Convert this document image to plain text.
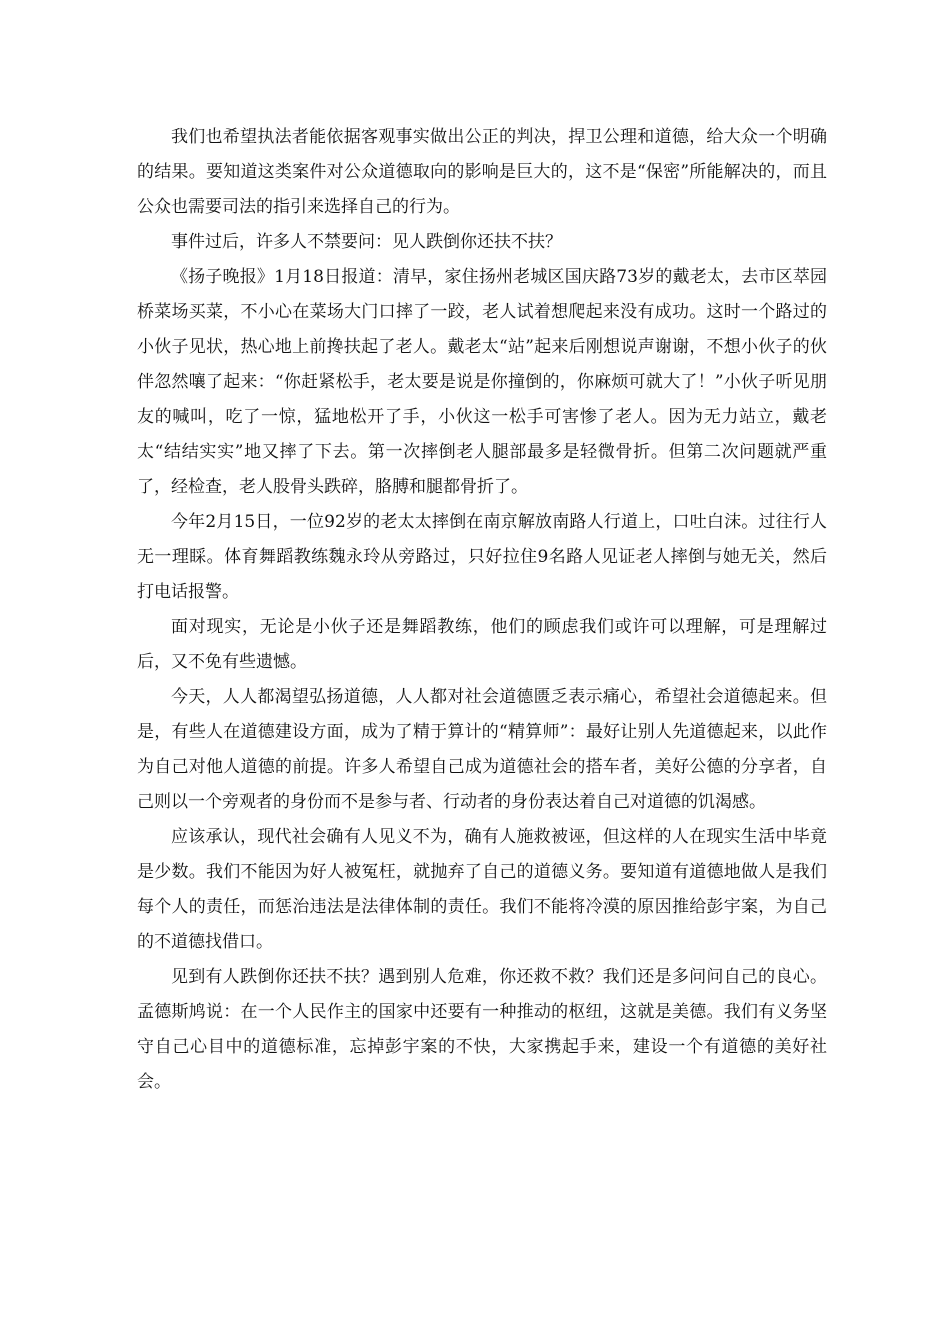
我们也希望执法者能依据客观事实做出公正的判决，捍卫公理和道德，给大众一个明确的结果。要知道这类案件对公众道德取向的影响是巨大的，这不是“保密”所能解决的，而且公众也需要司法的指引来选择自己的行为。

事件过后，许多人不禁要问：见人跌倒你还扶不扶？

《扬子晚报》1月18日报道：清早，家住扬州老城区国庆路73岁的戴老太，去市区萃园桥菜场买菜，不小心在菜场大门口摔了一跤，老人试着想爬起来没有成功。这时一个路过的小伙子见状，热心地上前搀扶起了老人。戴老太“站”起来后刚想说声谢谢，不想小伙子的伙伴忽然嚷了起来：“你赶紧松手，老太要是说是你撞倒的，你麻烦可就大了！”小伙子听见朋友的喊叫，吃了一惊，猛地松开了手，小伙这一松手可害惨了老人。因为无力站立，戴老太“结结实实”地又摔了下去。第一次摔倒老人腿部最多是轻微骨折。但第二次问题就严重了，经检查，老人股骨头跌碎，胳膊和腿都骨折了。

今年2月15日，一位92岁的老太太摔倒在南京解放南路人行道上，口吐白沫。过往行人无一理睬。体育舞蹈教练魏永玲从旁路过，只好拉住9名路人见证老人摔倒与她无关，然后打电话报警。

面对现实，无论是小伙子还是舞蹈教练，他们的顾虑我们或许可以理解，可是理解过后，又不免有些遗憾。

今天，人人都渴望弘扬道德，人人都对社会道德匮乏表示痛心，希望社会道德起来。但是，有些人在道德建设方面，成为了精于算计的“精算师”：最好让别人先道德起来，以此作为自己对他人道德的前提。许多人希望自己成为道德社会的搭车者，美好公德的分享者，自己则以一个旁观者的身份而不是参与者、行动者的身份表达着自己对道德的饥渴感。

应该承认，现代社会确有人见义不为，确有人施救被诬，但这样的人在现实生活中毕竟是少数。我们不能因为好人被冤枉，就抛弃了自己的道德义务。要知道有道德地做人是我们每个人的责任，而惩治违法是法律体制的责任。我们不能将冷漠的原因推给彭宇案，为自己的不道德找借口。

见到有人跌倒你还扶不扶？遇到别人危难，你还救不救？我们还是多问问自己的良心。孟德斯鸠说：在一个人民作主的国家中还要有一种推动的枢纽，这就是美德。我们有义务坚守自己心目中的道德标准，忘掉彭宇案的不快，大家携起手来，建设一个有道德的美好社会。
